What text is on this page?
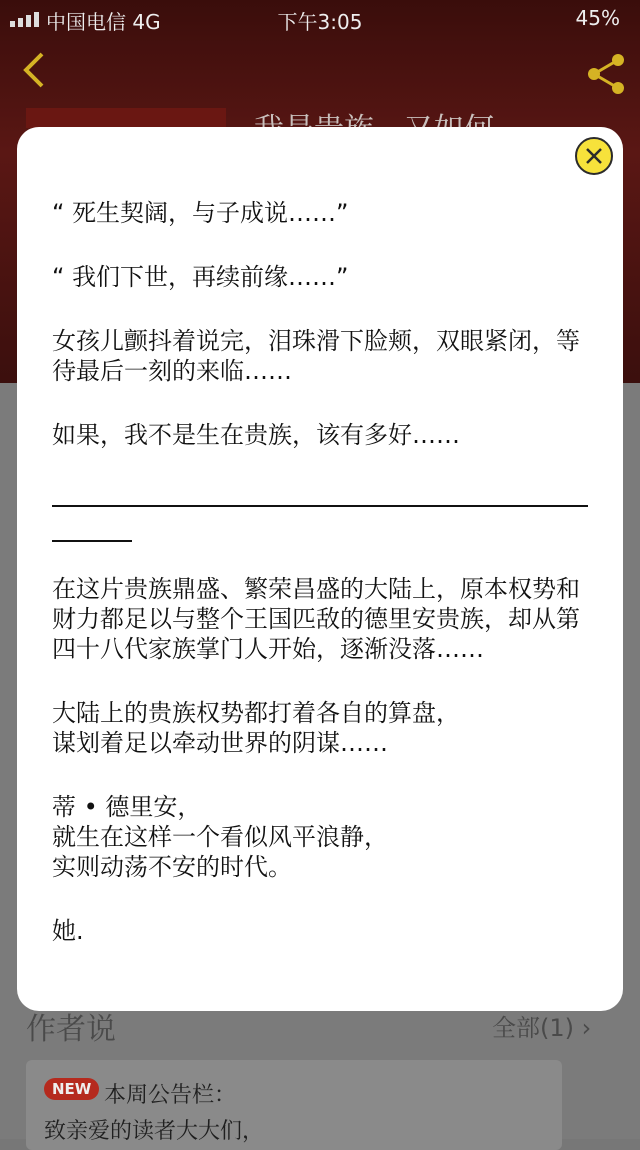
中国电信 4G	下午3:05	45%
作者说	全部(1) ›
NEW 本周公告栏：
致亲爱的读者大大们，

“ 死生契阔，与子成说……”

“ 我们下世，再续前缘……”

女孩儿颤抖着说完，泪珠滑下脸颊，双眼紧闭，等待最后一刻的来临……

如果，我不是生在贵族，该有多好……

在这片贵族鼎盛、繁荣昌盛的大陆上，原本权势和财力都足以与整个王国匹敌的德里安贵族，却从第四十八代家族掌门人开始，逐渐没落……

大陆上的贵族权势都打着各自的算盘，

谋划着足以牵动世界的阴谋……

蒂 • 德里安，

就生在这样一个看似风平浪静，

实则动荡不安的时代。

她.
